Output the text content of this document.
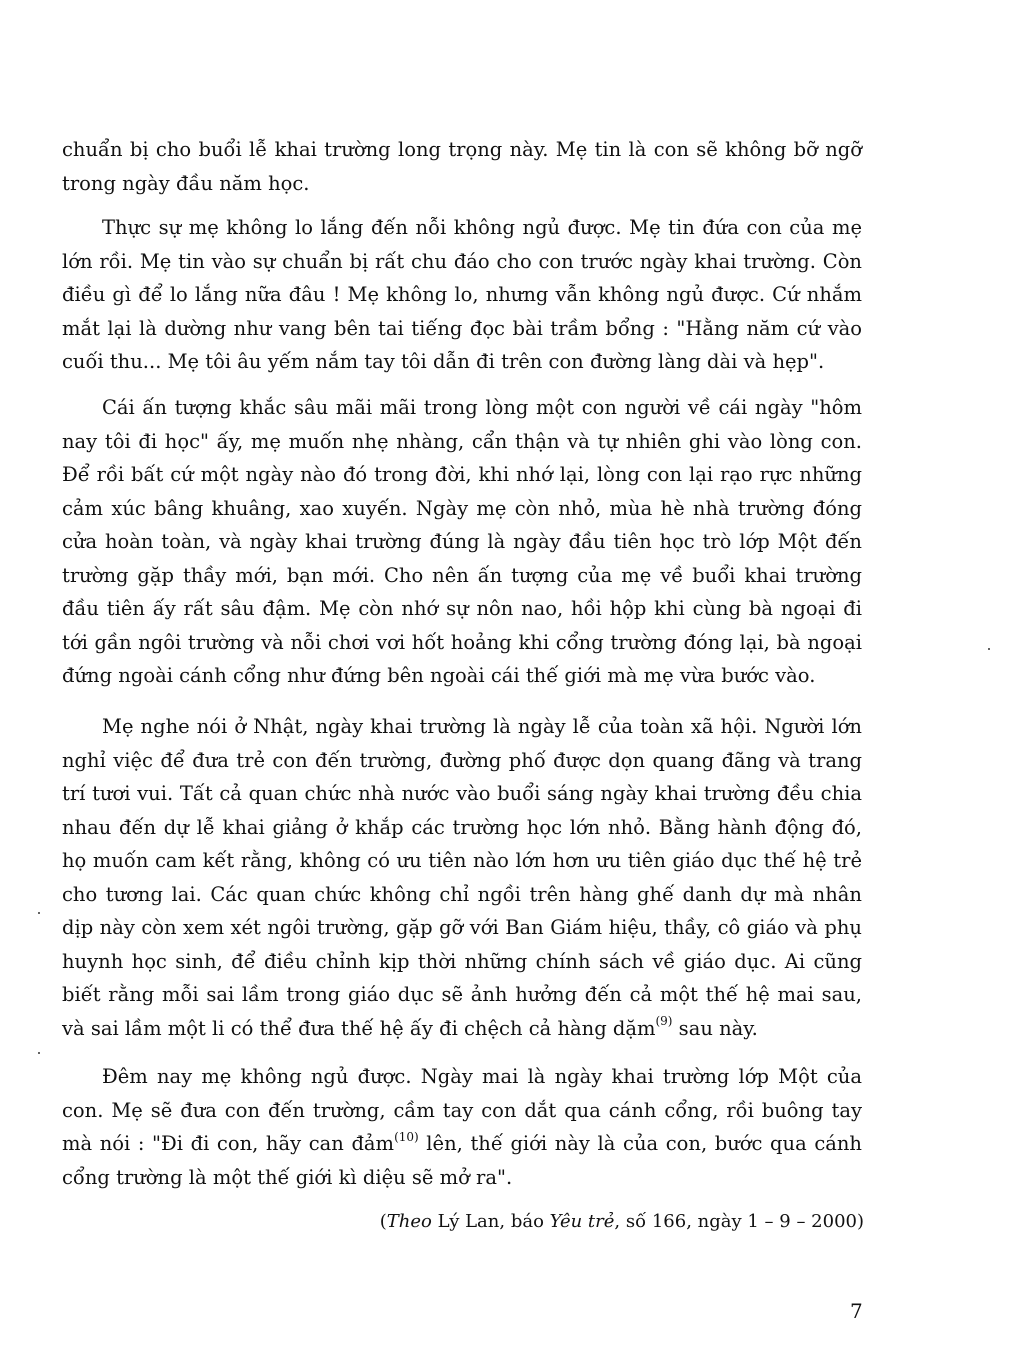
chuẩn bị cho buổi lễ khai trường long trọng này. Mẹ tin là con sẽ không bỡ ngỡ trong ngày đầu năm học.

Thực sự mẹ không lo lắng đến nỗi không ngủ được. Mẹ tin đứa con của mẹ lớn rồi. Mẹ tin vào sự chuẩn bị rất chu đáo cho con trước ngày khai trường. Còn điều gì để lo lắng nữa đâu ! Mẹ không lo, nhưng vẫn không ngủ được. Cứ nhắm mắt lại là dường như vang bên tai tiếng đọc bài trầm bổng : "Hằng năm cứ vào cuối thu... Mẹ tôi âu yếm nắm tay tôi dẫn đi trên con đường làng dài và hẹp".

Cái ấn tượng khắc sâu mãi mãi trong lòng một con người về cái ngày "hôm nay tôi đi học" ấy, mẹ muốn nhẹ nhàng, cẩn thận và tự nhiên ghi vào lòng con. Để rồi bất cứ một ngày nào đó trong đời, khi nhớ lại, lòng con lại rạo rực những cảm xúc bâng khuâng, xao xuyến. Ngày mẹ còn nhỏ, mùa hè nhà trường đóng cửa hoàn toàn, và ngày khai trường đúng là ngày đầu tiên học trò lớp Một đến trường gặp thầy mới, bạn mới. Cho nên ấn tượng của mẹ về buổi khai trường đầu tiên ấy rất sâu đậm. Mẹ còn nhớ sự nôn nao, hồi hộp khi cùng bà ngoại đi tới gần ngôi trường và nỗi chơi vơi hốt hoảng khi cổng trường đóng lại, bà ngoại đứng ngoài cánh cổng như đứng bên ngoài cái thế giới mà mẹ vừa bước vào.

Mẹ nghe nói ở Nhật, ngày khai trường là ngày lễ của toàn xã hội. Người lớn nghỉ việc để đưa trẻ con đến trường, đường phố được dọn quang đãng và trang trí tươi vui. Tất cả quan chức nhà nước vào buổi sáng ngày khai trường đều chia nhau đến dự lễ khai giảng ở khắp các trường học lớn nhỏ. Bằng hành động đó, họ muốn cam kết rằng, không có ưu tiên nào lớn hơn ưu tiên giáo dục thế hệ trẻ cho tương lai. Các quan chức không chỉ ngồi trên hàng ghế danh dự mà nhân dịp này còn xem xét ngôi trường, gặp gỡ với Ban Giám hiệu, thầy, cô giáo và phụ huynh học sinh, để điều chỉnh kịp thời những chính sách về giáo dục. Ai cũng biết rằng mỗi sai lầm trong giáo dục sẽ ảnh hưởng đến cả một thế hệ mai sau, và sai lầm một li có thể đưa thế hệ ấy đi chệch cả hàng dặm$^{(9)}$ sau này.

Đêm nay mẹ không ngủ được. Ngày mai là ngày khai trường lớp Một của con. Mẹ sẽ đưa con đến trường, cầm tay con dắt qua cánh cổng, rồi buông tay mà nói : "Đi đi con, hãy can đảm$^{(10)}$ lên, thế giới này là của con, bước qua cánh cổng trường là một thế giới kì diệu sẽ mở ra".

(Theo Lý Lan, báo Yêu trẻ, số 166, ngày 1 – 9 – 2000)
7
